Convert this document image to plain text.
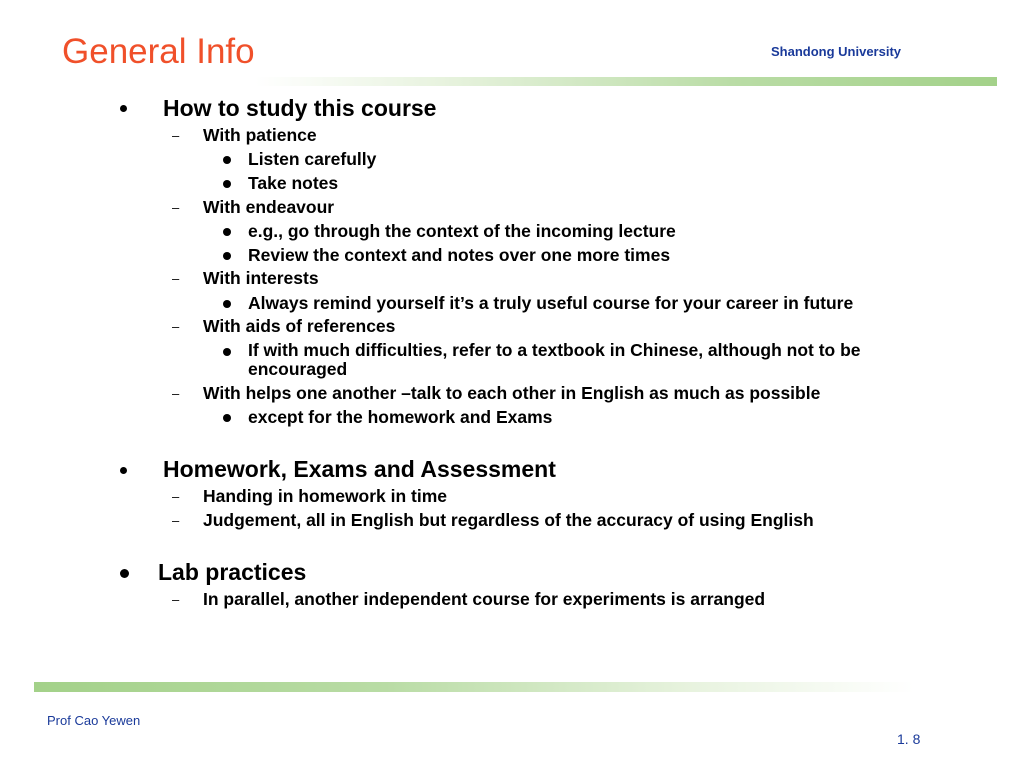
General Info	Shandong University
How to study this course
– With patience
Listen carefully
Take notes
– With endeavour
e.g., go through the context of the incoming lecture
Review the context and notes over one more times
– With interests
Always remind yourself it’s a truly useful course for your career in future
– With aids of references
If with much difficulties, refer to a textbook in Chinese, although not to be encouraged
– With helps one another –talk to each other in English as much as possible
except for the homework and Exams
Homework, Exams and Assessment
– Handing in homework in time
– Judgement, all in English but regardless of the accuracy of using English
Lab practices
– In parallel, another independent course for experiments is arranged
Prof Cao Yewen
1. 8
